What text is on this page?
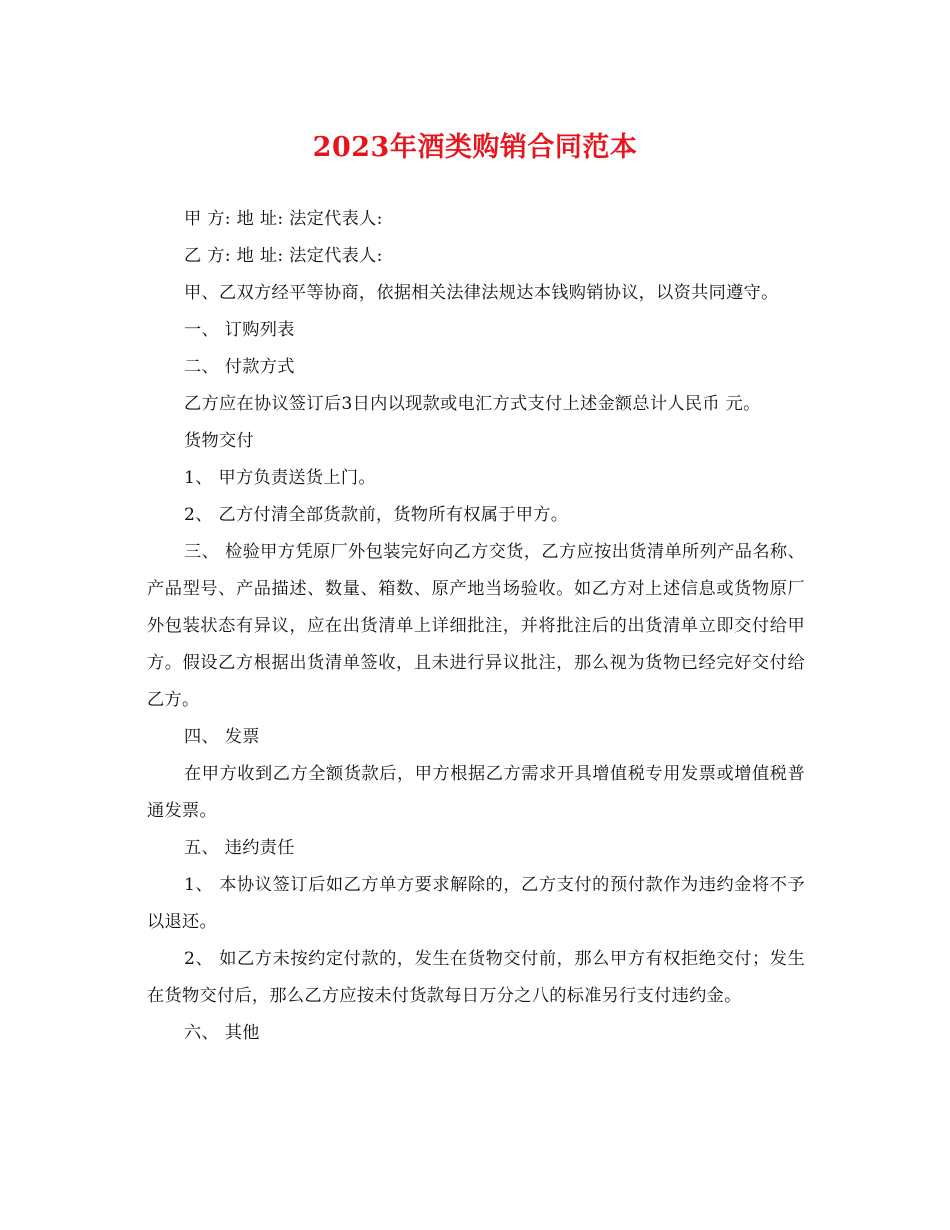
2023年酒类购销合同范本

甲 方: 地 址: 法定代表人:

乙 方: 地 址: 法定代表人:

甲、乙双方经平等协商，依据相关法律法规达本钱购销协议，以资共同遵守。

一、 订购列表

二、 付款方式

乙方应在协议签订后3日内以现款或电汇方式支付上述金额总计人民币 元。

货物交付

1、 甲方负责送货上门。

2、 乙方付清全部货款前，货物所有权属于甲方。

三、 检验甲方凭原厂外包装完好向乙方交货，乙方应按出货清单所列产品名称、产品型号、产品描述、数量、箱数、原产地当场验收。如乙方对上述信息或货物原厂外包装状态有异议，应在出货清单上详细批注，并将批注后的出货清单立即交付给甲方。假设乙方根据出货清单签收，且未进行异议批注，那么视为货物已经完好交付给乙方。

四、 发票

在甲方收到乙方全额货款后，甲方根据乙方需求开具增值税专用发票或增值税普通发票。

五、 违约责任

1、 本协议签订后如乙方单方要求解除的，乙方支付的预付款作为违约金将不予以退还。

2、 如乙方未按约定付款的，发生在货物交付前，那么甲方有权拒绝交付；发生在货物交付后，那么乙方应按未付货款每日万分之八的标准另行支付违约金。

六、 其他
